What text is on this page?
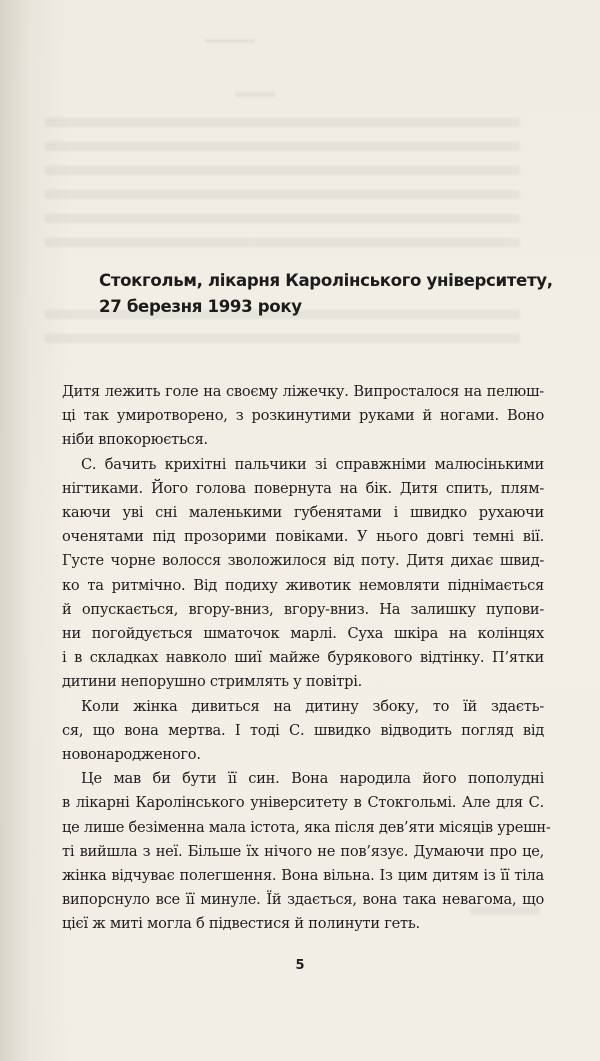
Стокгольм, лікарня Каролінського університету,
27 березня 1993 року

Дитя лежить голе на своєму ліжечку. Випросталося на пелюш-
ці так умиротворено, з розкинутими руками й ногами. Воно
ніби впокорюється.

С. бачить крихітні пальчики зі справжніми малюсінькими
нігтиками. Його голова повернута на бік. Дитя спить, плям-
каючи уві сні маленькими губенятами і швидко рухаючи
оченятами під прозорими повіками. У нього довгі темні вії.
Густе чорне волосся зволожилося від поту. Дитя дихає швид-
ко та ритмічно. Від подиху животик немовляти піднімається
й опускається, вгору-вниз, вгору-вниз. На залишку пупови-
ни погойдується шматочок марлі. Суха шкіра на колінцях
і в складках навколо шиї майже бурякового відтінку. П’ятки
дитини непорушно стримлять у повітрі.

Коли жінка дивиться на дитину збоку, то їй здаєть-
ся, що вона мертва. І тоді С. швидко відводить погляд від
новонародженого.

Це мав би бути її син. Вона народила його пополудні
в лікарні Каролінського університету в Стокгольмі. Але для С.
це лише безіменна мала істота, яка після дев’яти місяців урешн-
ті вийшла з неї. Більше їх нічого не пов’язує. Думаючи про це,
жінка відчуває полегшення. Вона вільна. Із цим дитям із її тіла
випорснуло все її минуле. Їй здається, вона така невагома, що
цієї ж миті могла б підвестися й полинути геть.

5
